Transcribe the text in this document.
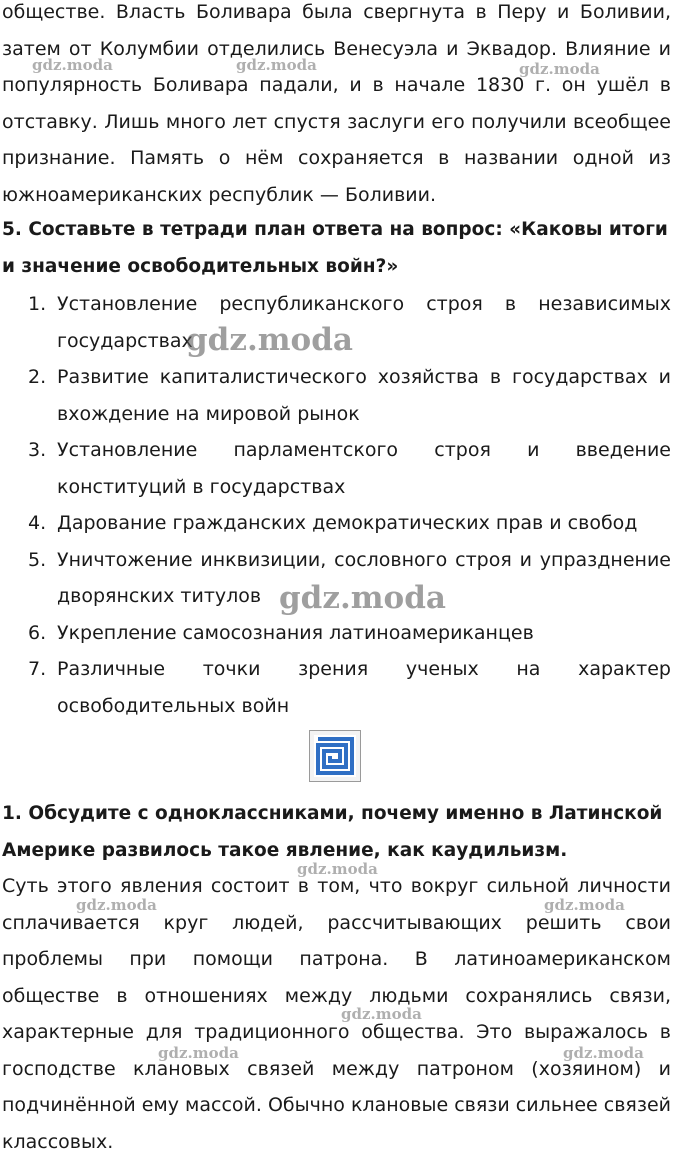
обществе. Власть Боливара была свергнута в Перу и Боливии, затем от Колумбии отделились Венесуэла и Эквадор. Влияние и популярность Боливара падали, и в начале 1830 г. он ушёл в отставку. Лишь много лет спустя заслуги его получили всеобщее признание. Память о нём сохраняется в названии одной из южноамериканских республик — Боливии.

5. Составьте в тетради план ответа на вопрос: «Каковы итоги и значение освободительных войн?»

1. Установление республиканского строя в независимых государствах
2. Развитие капиталистического хозяйства в государствах и вхождение на мировой рынок
3. Установление парламентского строя и введение конституций в государствах
4. Дарование гражданских демократических прав и свобод
5. Уничтожение инквизиции, сословного строя и упразднение дворянских титулов
6. Укрепление самосознания латиноамериканцев
7. Различные точки зрения ученых на характер освободительных войн

1. Обсудите с одноклассниками, почему именно в Латинской Америке развилось такое явление, как каудильизм.

Суть этого явления состоит в том, что вокруг сильной личности сплачивается круг людей, рассчитывающих решить свои проблемы при помощи патрона. В латиноамериканском обществе в отношениях между людьми сохранялись связи, характерные для традиционного общества. Это выражалось в господстве клановых связей между патроном (хозяином) и подчинённой ему массой. Обычно клановые связи сильнее связей классовых.

gdz.moda	gdz.moda	gdz.moda
gdz.moda
gdz.moda
gdz.moda
gdz.moda	gdz.moda
gdz.moda
gdz.moda	gdz.moda
